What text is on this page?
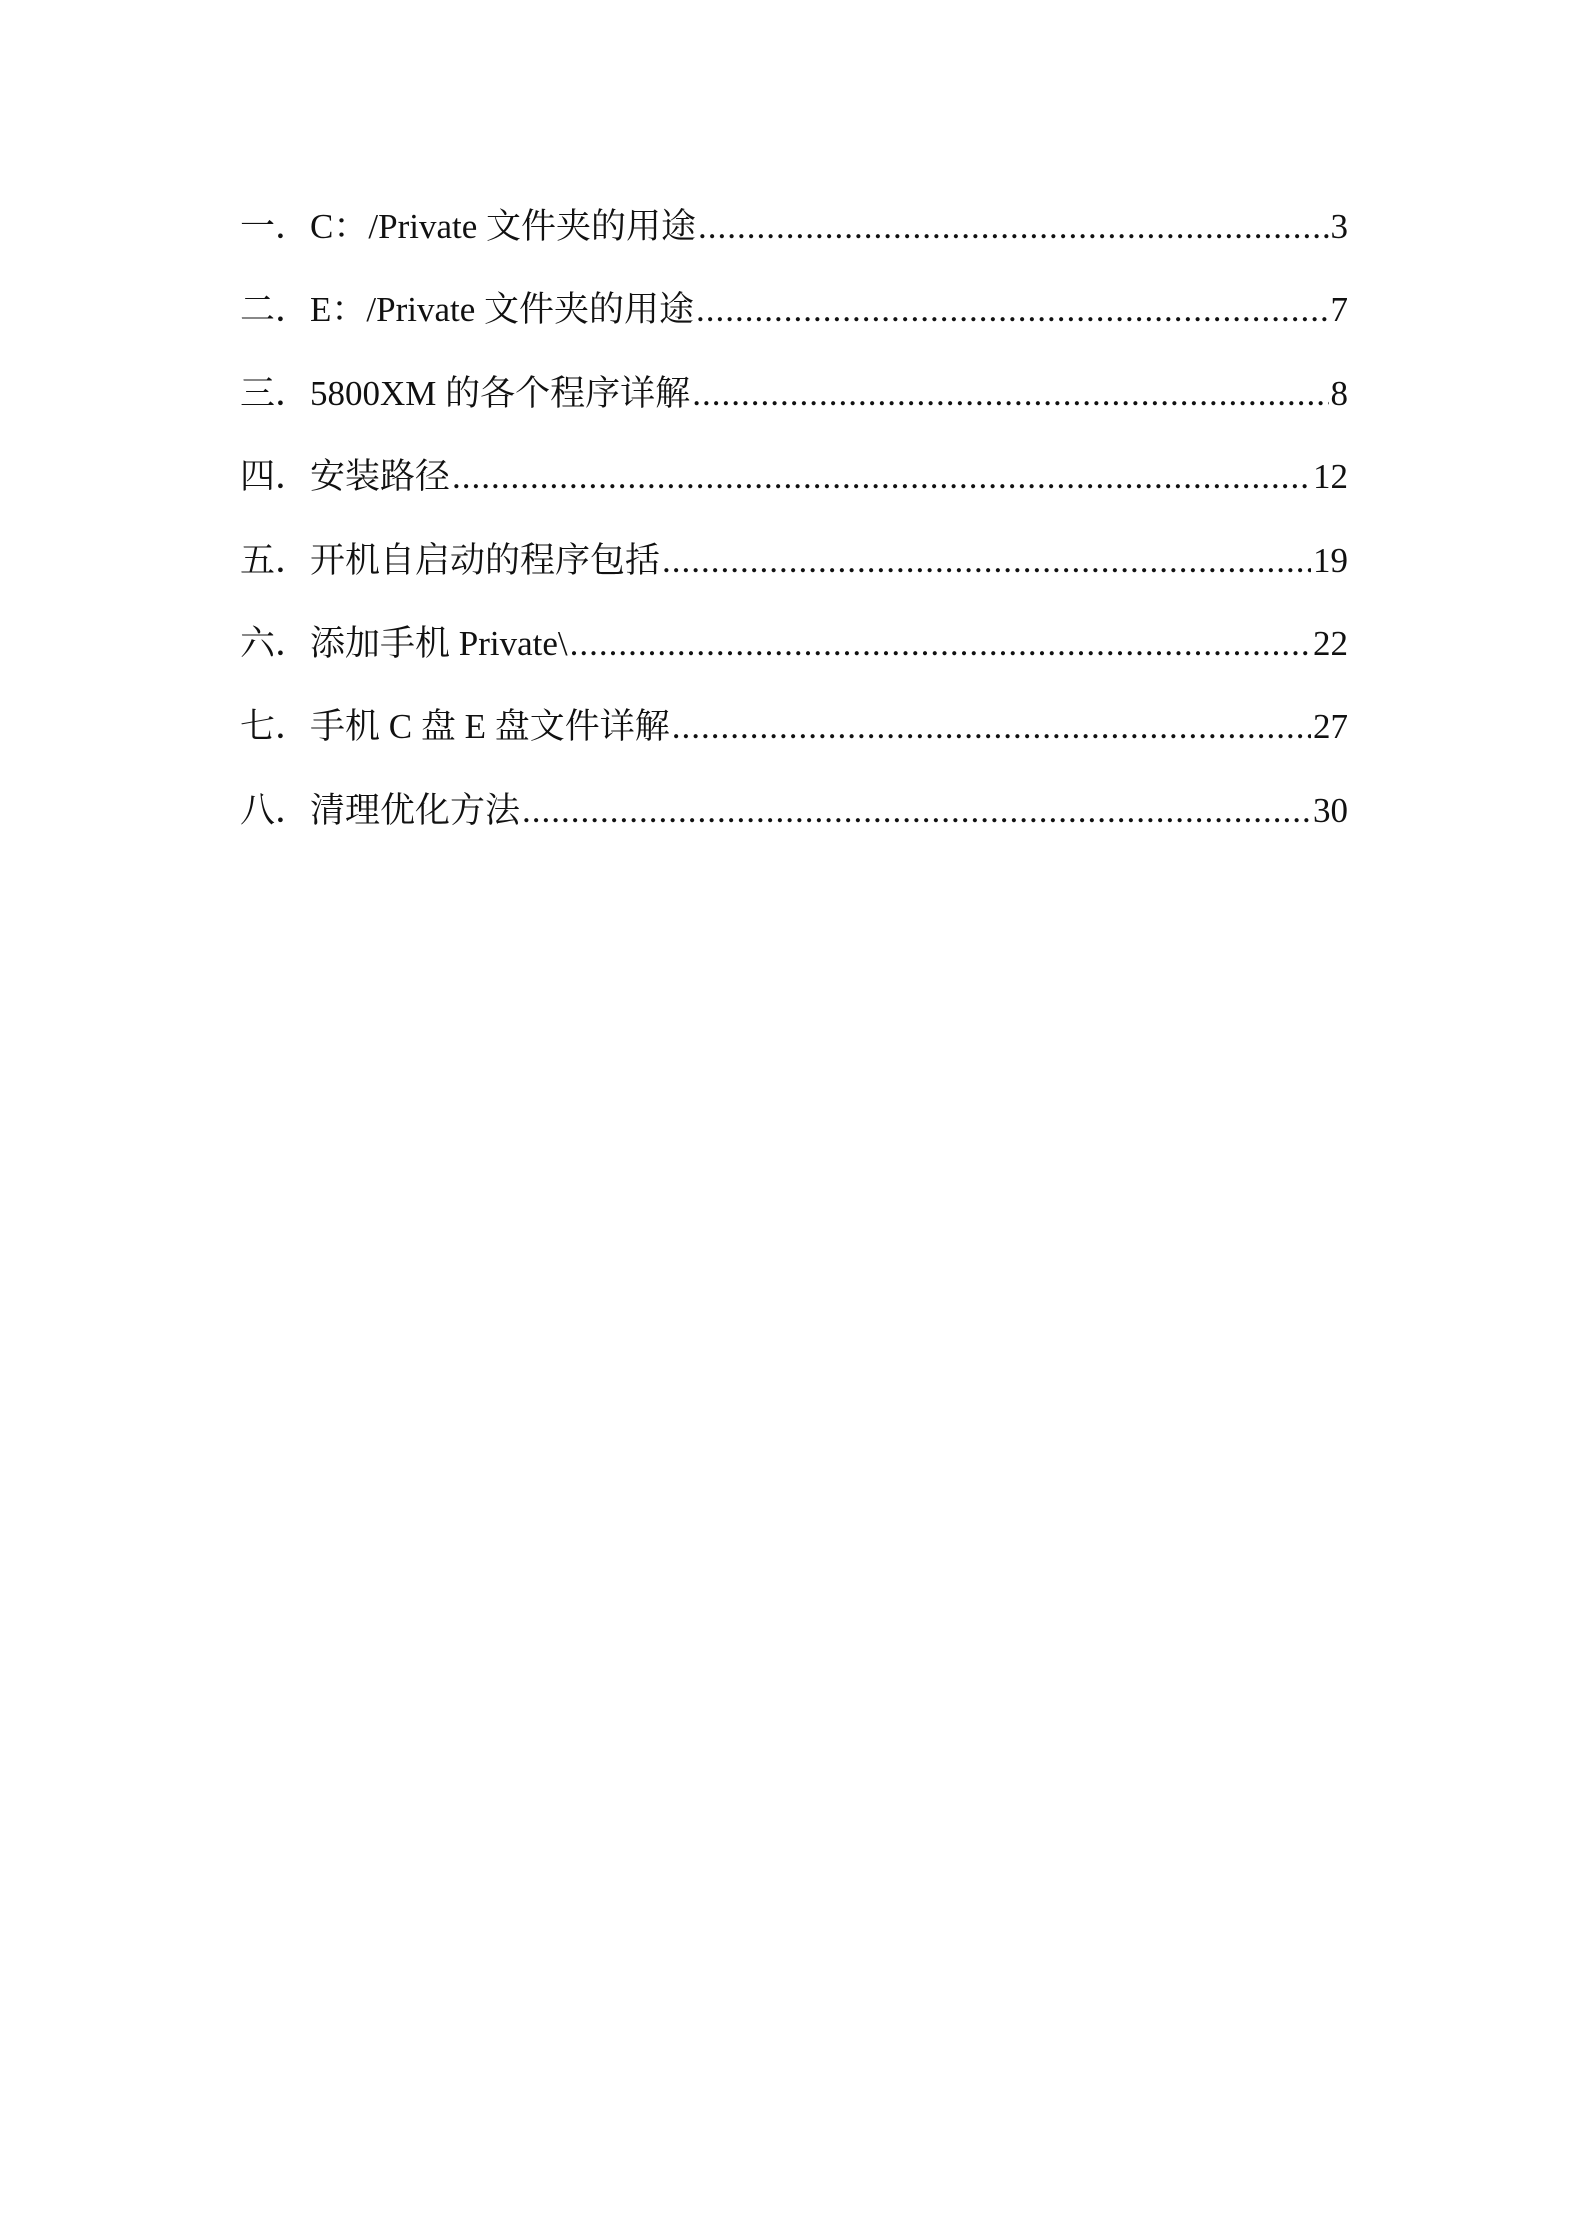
一 ． C：/Private 文件夹的用途 .....	3
二 ． E：/Private 文件夹的用途 .....	7
三 ． 5800XM 的各个程序详解 .....	8
四 ． 安装路径 .....	12
五 ． 开机自启动的程序包括 .....	19
六 ． 添加手机 Private\ .....	22
七 ． 手机 C 盘 E 盘文件详解 .....	27
八 ． 清理优化方法 .....	30
